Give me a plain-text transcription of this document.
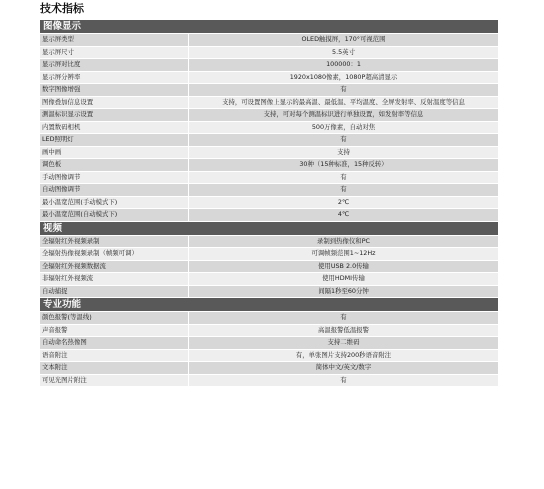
技术指标
图像显示
显示屏类型	OLED触摸屏，170°可视范围
显示屏尺寸	5.5英寸
显示屏对比度	100000：1
显示屏分辨率	1920x1080像素，1080P超高清显示
数字图像增强	有
图像叠加信息设置	支持，可设置图像上显示的最高温、最低温、平均温度、全屏发射率、反射温度等信息
测温标识显示设置	支持，可对每个测温标识进行单独设置，如发射率等信息
内置数码相机	500万像素，自动对焦
LED照明灯	有
画中画	支持
调色板	30种（15种标准，15种反转）
手动图像调节	有
自动图像调节	有
最小温宽范围(手动模式下)	2℃
最小温宽范围(自动模式下)	4℃
视频
全辐射红外视频录制	录制到热像仪和PC
全辐射热像视频录制（帧频可调）	可调帧频范围1~12Hz
全辐射红外视频数据流	使用USB 2.0传输
非辐射红外视频流	使用HDMI传输
自动捕捉	间隔1秒至60分钟
专业功能
颜色报警(等温线)	有
声音报警	高温报警低温报警
自动命名热像图	支持二维码
语音附注	有，单张图片支持200秒语音附注
文本附注	简体中文/英文/数字
可见光图片附注	有
